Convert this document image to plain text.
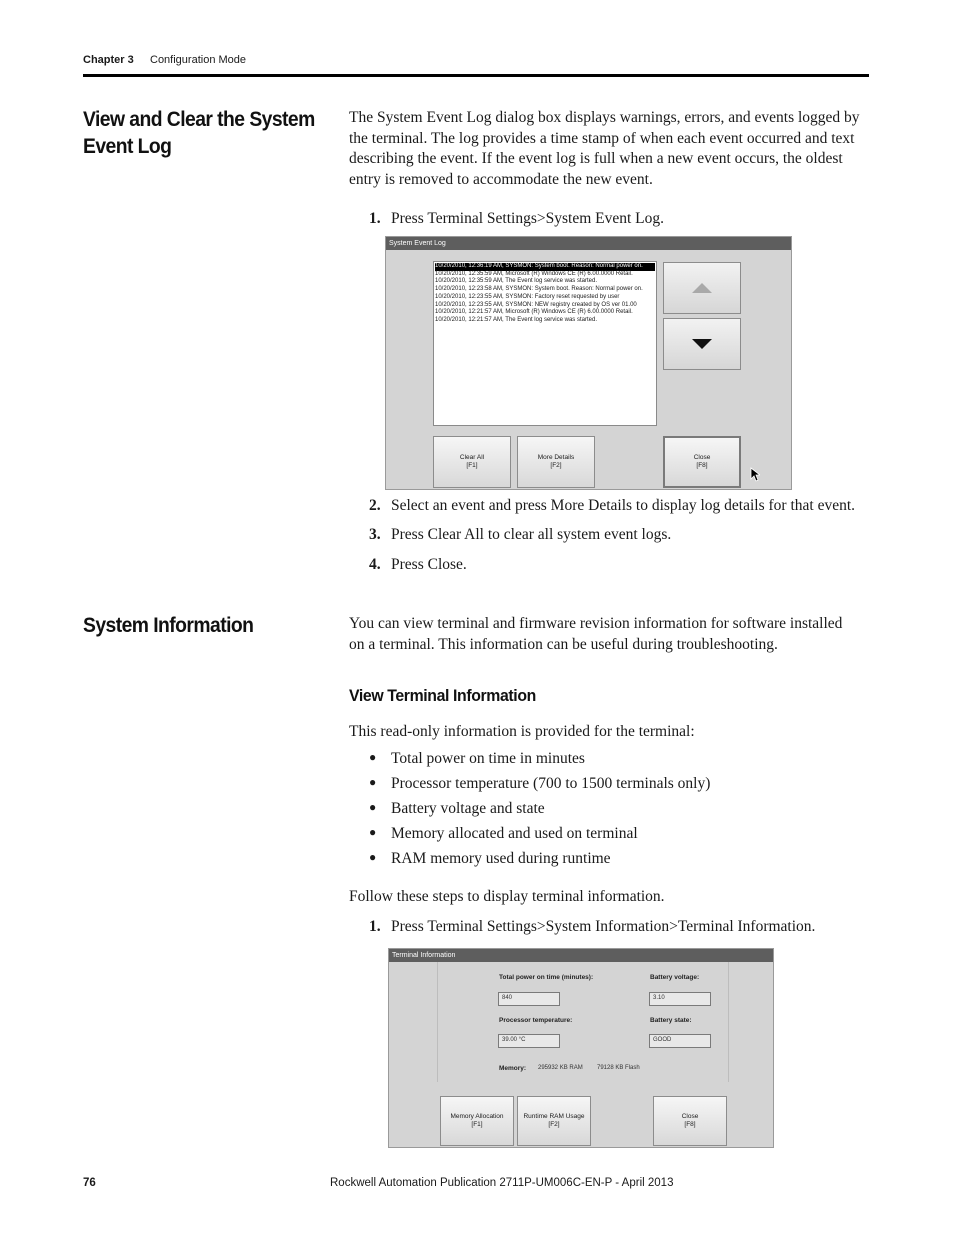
Chapter 3 Configuration Mode
View and Clear the System
Event Log
The System Event Log dialog box displays warnings, errors, and events logged by
the terminal. The log provides a time stamp of when each event occurred and text
describing the event. If the event log is full when a new event occurs, the oldest
entry is removed to accommodate the new event.
1. Press Terminal Settings>System Event Log.
System Event Log
10/20/2010, 12:36:19 AM, SYSMON: System boot. Reason: Normal power on.
10/20/2010, 12:35:59 AM, Microsoft (R) Windows CE (R) 6.00.0000 Retail.
10/20/2010, 12:35:59 AM, The Event log service was started.
10/20/2010, 12:23:58 AM, SYSMON: System boot. Reason: Normal power on.
10/20/2010, 12:23:55 AM, SYSMON: Factory reset requested by user
10/20/2010, 12:23:55 AM, SYSMON: NEW registry created by OS ver 01.00
10/20/2010, 12:21:57 AM, Microsoft (R) Windows CE (R) 6.00.0000 Retail.
10/20/2010, 12:21:57 AM, The Event log service was started.
Clear All
[F1]
More Details
[F2]
Close
[F8]
2. Select an event and press More Details to display log details for that event.
3. Press Clear All to clear all system event logs.
4. Press Close.
System Information	You can view terminal and firmware revision information for software installed
on a terminal. This information can be useful during troubleshooting.
View Terminal Information
This read-only information is provided for the terminal:
● Total power on time in minutes
● Processor temperature (700 to 1500 terminals only)
● Battery voltage and state
● Memory allocated and used on terminal
● RAM memory used during runtime
Follow these steps to display terminal information.
1. Press Terminal Settings>System Information>Terminal Information.
Terminal Information
Total power on time (minutes):
840
Battery voltage:
3.10
Processor temperature:
39.00 °C
Battery state:
GOOD
Memory: 295932 KB RAM 79128 KB Flash
Memory Allocation
[F1]
Runtime RAM Usage
[F2]
Close
[F8]
76	Rockwell Automation Publication 2711P-UM006C-EN-P - April 2013
